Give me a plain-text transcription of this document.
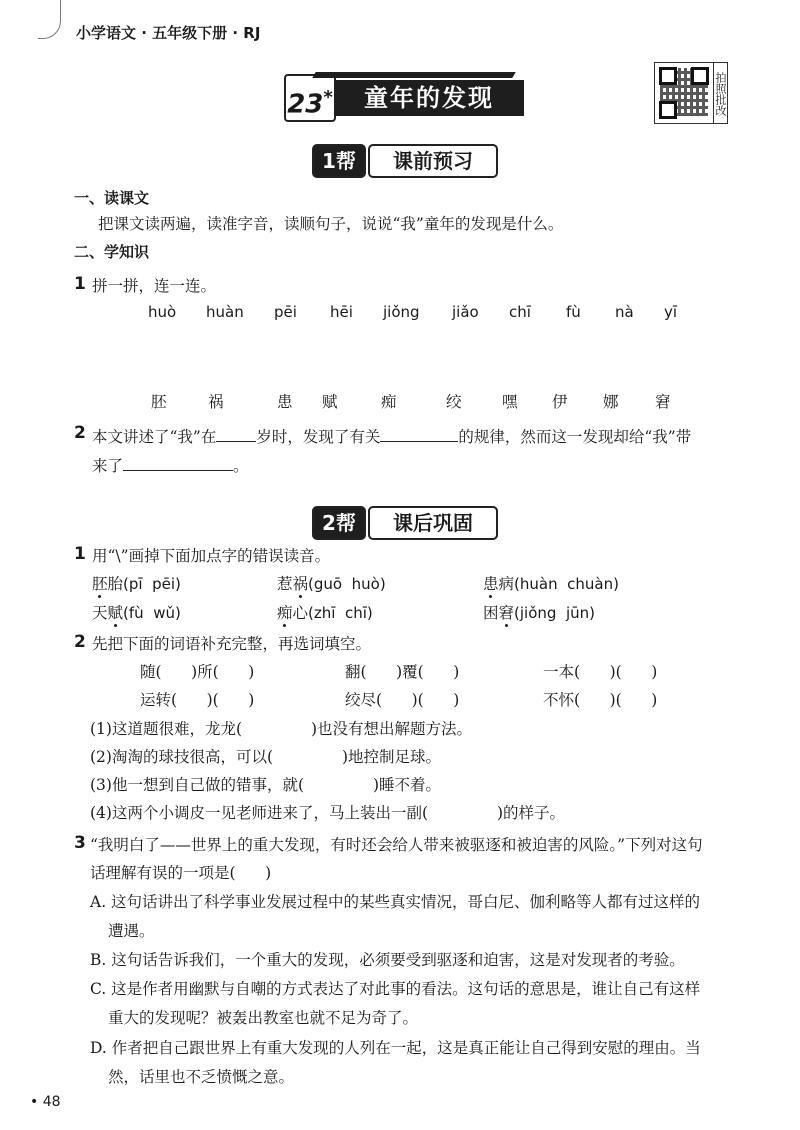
小学语文 · 五年级下册 · RJ
23*	童年的发现	拍照批改
1帮	课前预习
一、读课文
把课文读两遍，读准字音，读顺句子，说说“我”童年的发现是什么。
二、学知识
1 拼一拼，连一连。
huò huàn pēi hēi jiǒng jiǎo chī fù nà yī
胚	祸	患 赋	痴	绞	嘿 伊 娜 窘
2 本文讲述了“我”在	岁时，发现了有关	的规律，然而这一发现却给“我”带
来了	。
2帮	课后巩固
1 用“\”画掉下面加点字的错误读音。
胚胎(pī  pēi)	惹祸(guō  huò)	患病(huàn  chuàn)
天赋(fù  wǔ)	痴心(zhī  chī)	困窘(jiǒng  jūn)
2 先把下面的词语补充完整，再选词填空。
随(      )所(      )	翻(      )覆(      )	一本(      )(      )
运转(      )(      )	绞尽(      )(      )	不怀(      )(      )
(1)这道题很难，龙龙(              )也没有想出解题方法。
(2)淘淘的球技很高，可以(              )地控制足球。
(3)他一想到自己做的错事，就(              )睡不着。
(4)这两个小调皮一见老师进来了，马上装出一副(              )的样子。
3 “我明白了——世界上的重大发现，有时还会给人带来被驱逐和被迫害的风险。”下列对这句
话理解有误的一项是(      )
A. 这句话讲出了科学事业发展过程中的某些真实情况，哥白尼、伽利略等人都有过这样的
遭遇。
B. 这句话告诉我们，一个重大的发现，必须要受到驱逐和迫害，这是对发现者的考验。
C. 这是作者用幽默与自嘲的方式表达了对此事的看法。这句话的意思是，谁让自己有这样
重大的发现呢？被轰出教室也就不足为奇了。
D. 作者把自己跟世界上有重大发现的人列在一起，这是真正能让自己得到安慰的理由。当
然，话里也不乏愤慨之意。
• 48
